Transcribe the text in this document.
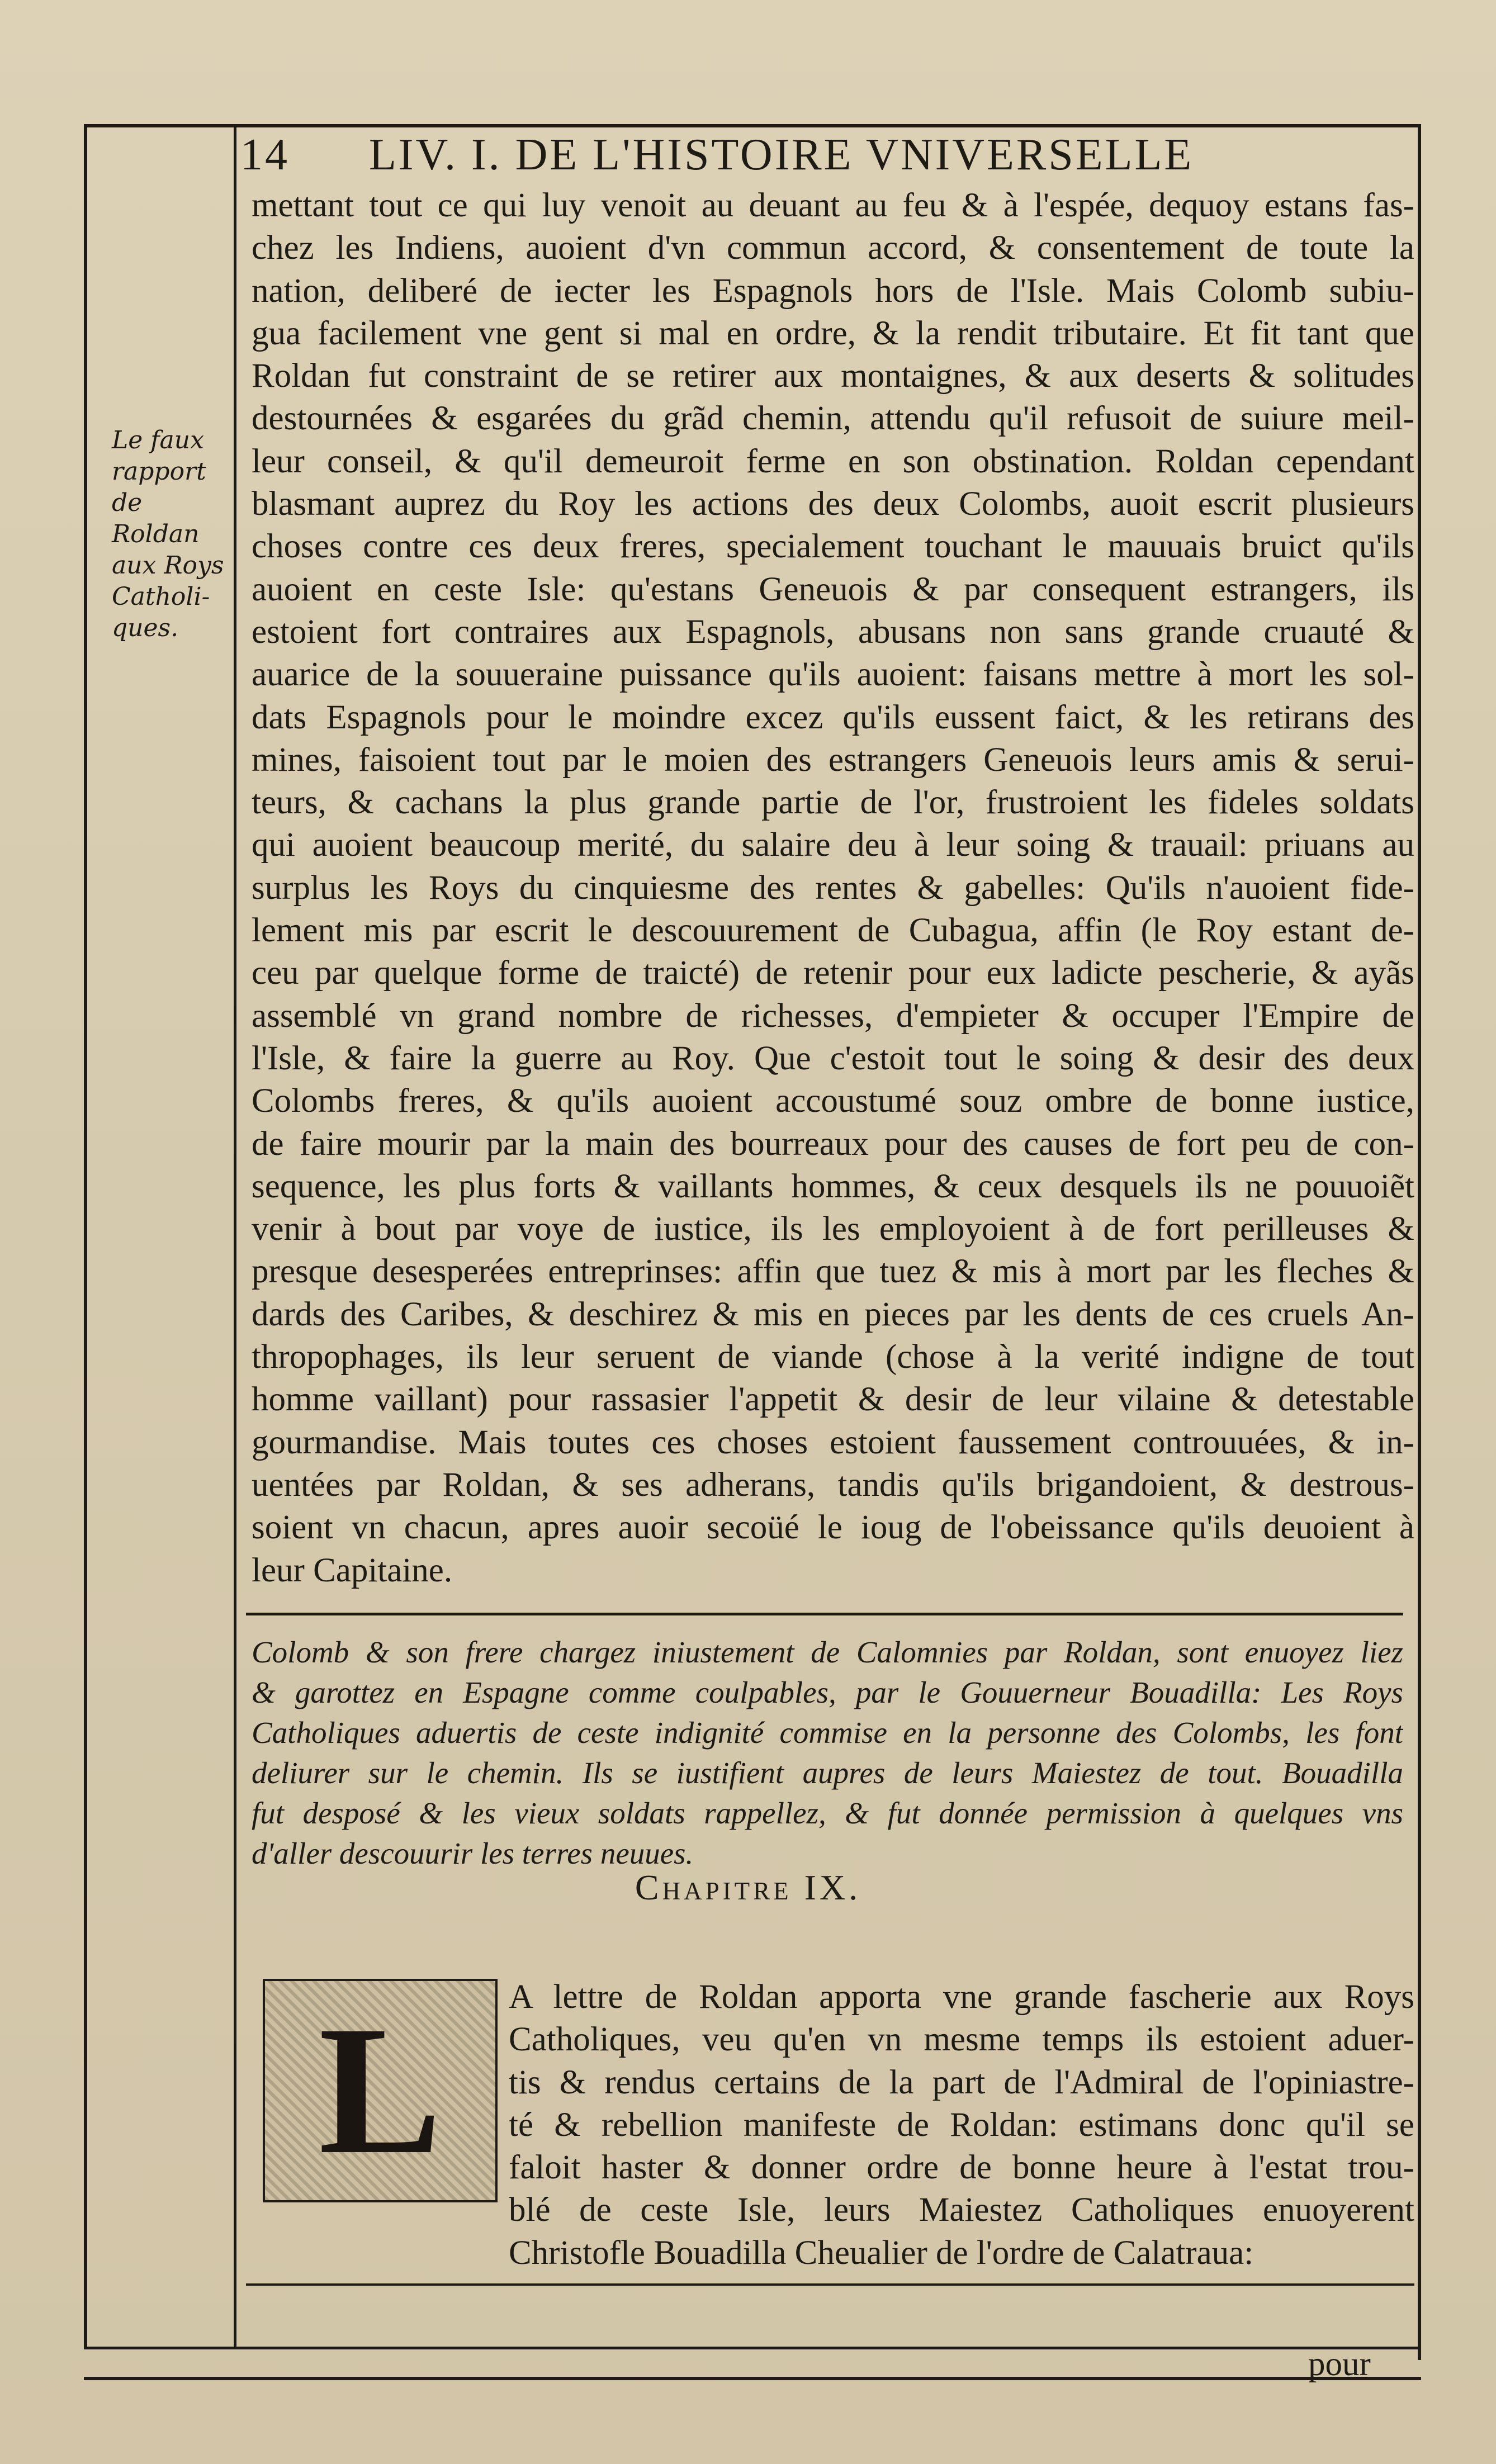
14 LIV. I. DE L'HISTOIRE VNIVERSELLE
Le faux
rapport de
Roldan
aux Roys
Catholi-
ques.
mettant tout ce qui luy venoit au deuant au feu & à l'espée, dequoy estans fas-
chez les Indiens, auoient d'vn commun accord, & consentement de toute la
nation, deliberé de iecter les Espagnols hors de l'Isle. Mais Colomb subiu-
gua facilement vne gent si mal en ordre, & la rendit tributaire. Et fit tant que
Roldan fut constraint de se retirer aux montaignes, & aux deserts & solitudes
destournées & esgarées du grãd chemin, attendu qu'il refusoit de suiure meil-
leur conseil, & qu'il demeuroit ferme en son obstination. Roldan cependant
blasmant auprez du Roy les actions des deux Colombs, auoit escrit plusieurs
choses contre ces deux freres, specialement touchant le mauuais bruict qu'ils
auoient en ceste Isle: qu'estans Geneuois & par consequent estrangers, ils
estoient fort contraires aux Espagnols, abusans non sans grande cruauté &
auarice de la souueraine puissance qu'ils auoient: faisans mettre à mort les sol-
dats Espagnols pour le moindre excez qu'ils eussent faict, & les retirans des
mines, faisoient tout par le moien des estrangers Geneuois leurs amis & serui-
teurs, & cachans la plus grande partie de l'or, frustroient les fideles soldats
qui auoient beaucoup merité, du salaire deu à leur soing & trauail: priuans au
surplus les Roys du cinquiesme des rentes & gabelles: Qu'ils n'auoient fide-
lement mis par escrit le descouurement de Cubagua, affin (le Roy estant de-
ceu par quelque forme de traicté) de retenir pour eux ladicte pescherie, & ayãs
assemblé vn grand nombre de richesses, d'empieter & occuper l'Empire de
l'Isle, & faire la guerre au Roy. Que c'estoit tout le soing & desir des deux
Colombs freres, & qu'ils auoient accoustumé souz ombre de bonne iustice,
de faire mourir par la main des bourreaux pour des causes de fort peu de con-
sequence, les plus forts & vaillants hommes, & ceux desquels ils ne pouuoiẽt
venir à bout par voye de iustice, ils les employoient à de fort perilleuses &
presque desesperées entreprinses: affin que tuez & mis à mort par les fleches &
dards des Caribes, & deschirez & mis en pieces par les dents de ces cruels An-
thropophages, ils leur seruent de viande (chose à la verité indigne de tout
homme vaillant) pour rassasier l'appetit & desir de leur vilaine & detestable
gourmandise. Mais toutes ces choses estoient faussement controuuées, & in-
uentées par Roldan, & ses adherans, tandis qu'ils brigandoient, & destrous-
soient vn chacun, apres auoir secoüé le ioug de l'obeissance qu'ils deuoient à
leur Capitaine.
Colomb & son frere chargez iniustement de Calomnies par Roldan, sont enuoyez liez
& garottez en Espagne comme coulpables, par le Gouuerneur Bouadilla: Les Roys
Catholiques aduertis de ceste indignité commise en la personne des Colombs, les font
deliurer sur le chemin. Ils se iustifient aupres de leurs Maiestez de tout. Bouadilla
fut desposé & les vieux soldats rappellez, & fut donnée permission à quelques vns
d'aller descouurir les terres neuues.
Chapitre IX.
L A lettre de Roldan apporta vne grande fascherie aux Roys
Catholiques, veu qu'en vn mesme temps ils estoient aduer-
tis & rendus certains de la part de l'Admiral de l'opiniastre-
té & rebellion manifeste de Roldan: estimans donc qu'il se
faloit haster & donner ordre de bonne heure à l'estat trou-
blé de ceste Isle, leurs Maiestez Catholiques enuoyerent
Christofle Bouadilla Cheualier de l'ordre de Calatraua:
pour
